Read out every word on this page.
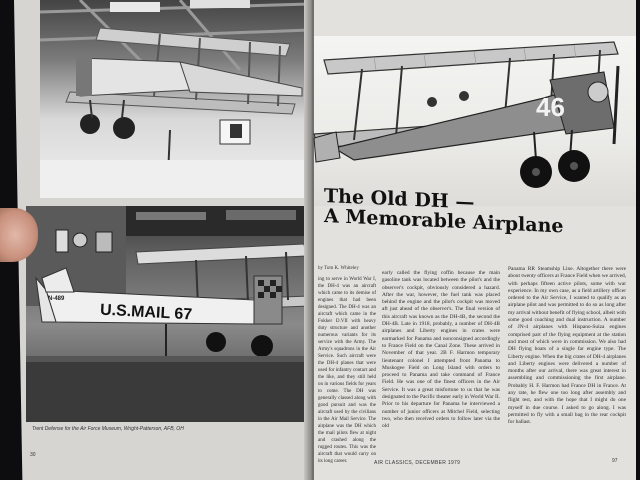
N-489
U.S.MAIL 67
Trent Defense for the Air Force Museum, Wright-Patterson, AFB, OH
30
46
The Old DH —
A Memorable Airplane
by Tom K. Whiteley
ing to serve in World War I, the DH-4 was an aircraft which came to its demise of engines that had been designed. The DH-4 was an aircraft which came in the Fokker D.VII with heavy duty structure and another numerous variants for its service with the Army. The Army's squadrons in the Air Service. Such aircraft were the DH-4 planes that were used for infantry contact and the like, and they still held on in various fields for years to come. The DH was generally classed along with good pursuit and was the aircraft used by the civilians in the Air Mail Service. The airplane was the DH which the mail pilots flew at night and crashed along the rugged routes. This was the aircraft that would carry on its long career.
early called the flying coffin because the main gasoline tank was located between the pilot's and the observer's cockpit, obviously considered a hazard. After the war, however, the fuel tank was placed behind the engine and the pilot's cockpit was moved aft just ahead of the observer's. The final version of this aircraft was known as the DH-4B, the second the DH-4B. Late in 1918, probably, a number of DH-4B airplanes and Liberty engines in crates were earmarked for Panama and nonconsigned accordingly to France Field on the Canal Zone. These arrived in November of that year. 2B F. Harmon temporary lieutenant colonel I attempted front Panama to Muskogee Field on Long Island with orders to proceed to Panama and take command of France Field. He was one of the finest officers in the Air Service. It was a great misfortune to us that he was designated to the Pacific theater early in World War II. Prior to his departure for Panama he interviewed a number of junior officers at Mitchel Field, selecting two, who then received orders to follow later via the old
Panama RR Steamship Line. Altogether there were about twenty officers at France Field when we arrived, with perhaps fifteen active pilots, some with war experience. In my own case, as a field artillery officer ordered to the Air Service, I wanted to qualify as an airplane pilot and was permitted to do so as long after my arrival without benefit of flying school, albeit with some good coaching and dual instruction. A number of JN-4 airplanes with Hispano-Suiza engines comprised part of the flying equipment at the station and most of which were in commission. We also had DH flying boats of a single far engine type. The Liberty engine. When the big crates of DH-4 airplanes and Liberty engines were delivered a number of months after our arrival, there was great interest in assembling and commissioning the first airplane. Probably H. F. Harmon had France DH in France. At any rate, he flew one too long after assembly and flight test, and with the hope that I might do one myself in due course. I asked to go along. I was permitted to fly with a small bag in the rear cockpit for ballast.
AIR CLASSICS, DECEMBER 1979	97
